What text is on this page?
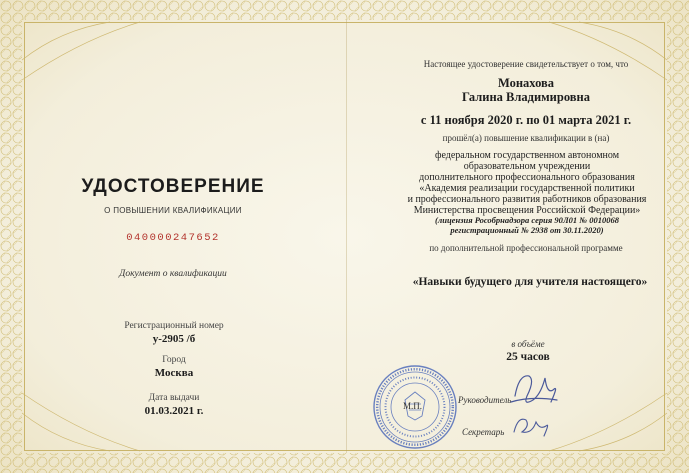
УДОСТОВЕРЕНИЕ
О ПОВЫШЕНИИ КВАЛИФИКАЦИИ
040000247652
Документ о квалификации
Регистрационный номер
у-2905 /б
Город
Москва
Дата выдачи
01.03.2021 г.
Настоящее удостоверение свидетельствует о том, что
Монахова
Галина Владимировна
с 11 ноября 2020 г. по 01 марта 2021 г.
прошёл(а) повышение квалификации в (на)
федеральном государственном автономном
образовательном учреждении
дополнительного профессионального образования
«Академия реализации государственной политики
и профессионального развития работников образования
Министерства просвещения Российской Федерации»
(лицензия Рособрнадзора серия 90Л01 № 0010068
регистрационный № 2938 от 30.11.2020)
по дополнительной профессиональной программе
«Навыки будущего для учителя настоящего»
в объёме
25 часов
М.П.
Руководитель
Секретарь
